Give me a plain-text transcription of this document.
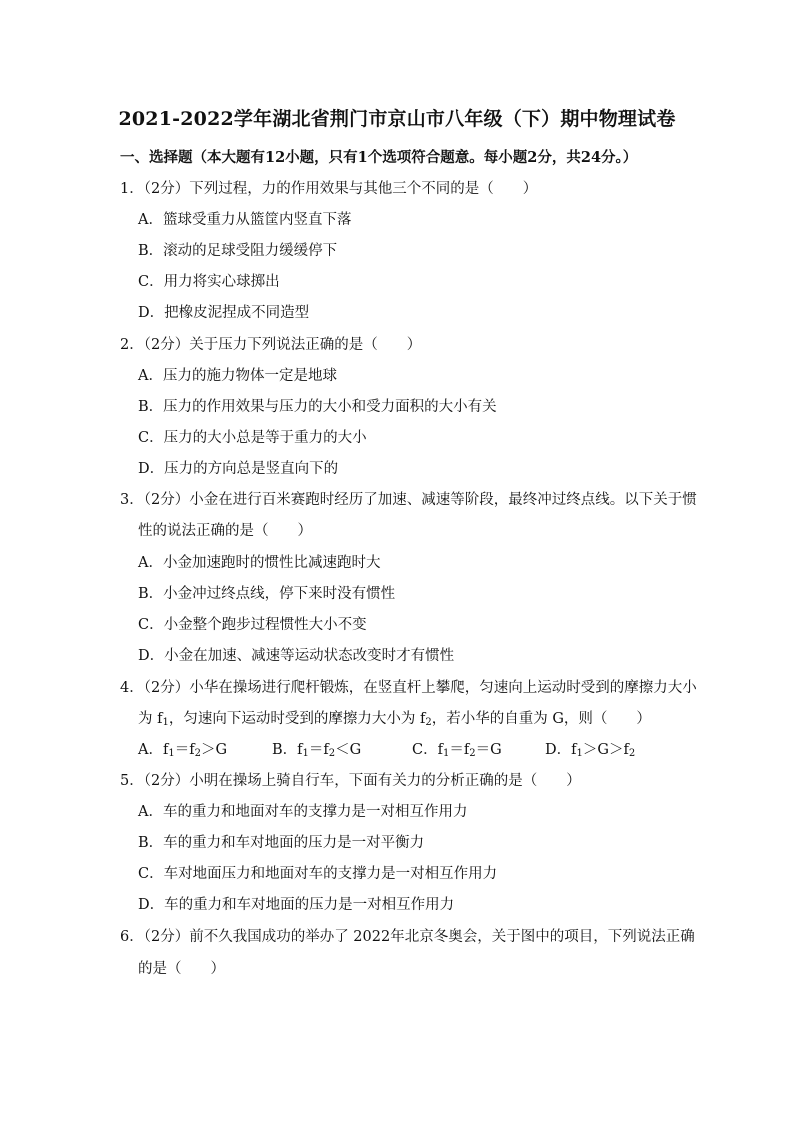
2021-2022学年湖北省荆门市京山市八年级（下）期中物理试卷
一、选择题（本大题有12小题，只有1个选项符合题意。每小题2分，共24分。）
1．（2分）下列过程，力的作用效果与其他三个不同的是（　　）
A．篮球受重力从篮筐内竖直下落
B．滚动的足球受阻力缓缓停下
C．用力将实心球掷出
D．把橡皮泥捏成不同造型
2．（2分）关于压力下列说法正确的是（　　）
A．压力的施力物体一定是地球
B．压力的作用效果与压力的大小和受力面积的大小有关
C．压力的大小总是等于重力的大小
D．压力的方向总是竖直向下的
3．（2分）小金在进行百米赛跑时经历了加速、减速等阶段，最终冲过终点线。以下关于惯
性的说法正确的是（　　）
A．小金加速跑时的惯性比减速跑时大
B．小金冲过终点线，停下来时没有惯性
C．小金整个跑步过程惯性大小不变
D．小金在加速、减速等运动状态改变时才有惯性
4．（2分）小华在操场进行爬杆锻炼，在竖直杆上攀爬，匀速向上运动时受到的摩擦力大小
为 $f_1$，匀速向下运动时受到的摩擦力大小为 $f_2$，若小华的自重为 G，则（　　）
A．$f_1=f_2>G$	B．$f_1=f_2<G$	C．$f_1=f_2=G$	D．$f_1>G>f_2$
5．（2分）小明在操场上骑自行车，下面有关力的分析正确的是（　　）
A．车的重力和地面对车的支撑力是一对相互作用力
B．车的重力和车对地面的压力是一对平衡力
C．车对地面压力和地面对车的支撑力是一对相互作用力
D．车的重力和车对地面的压力是一对相互作用力
6．（2分）前不久我国成功的举办了 2022年北京冬奥会，关于图中的项目，下列说法正确
的是（　　）
